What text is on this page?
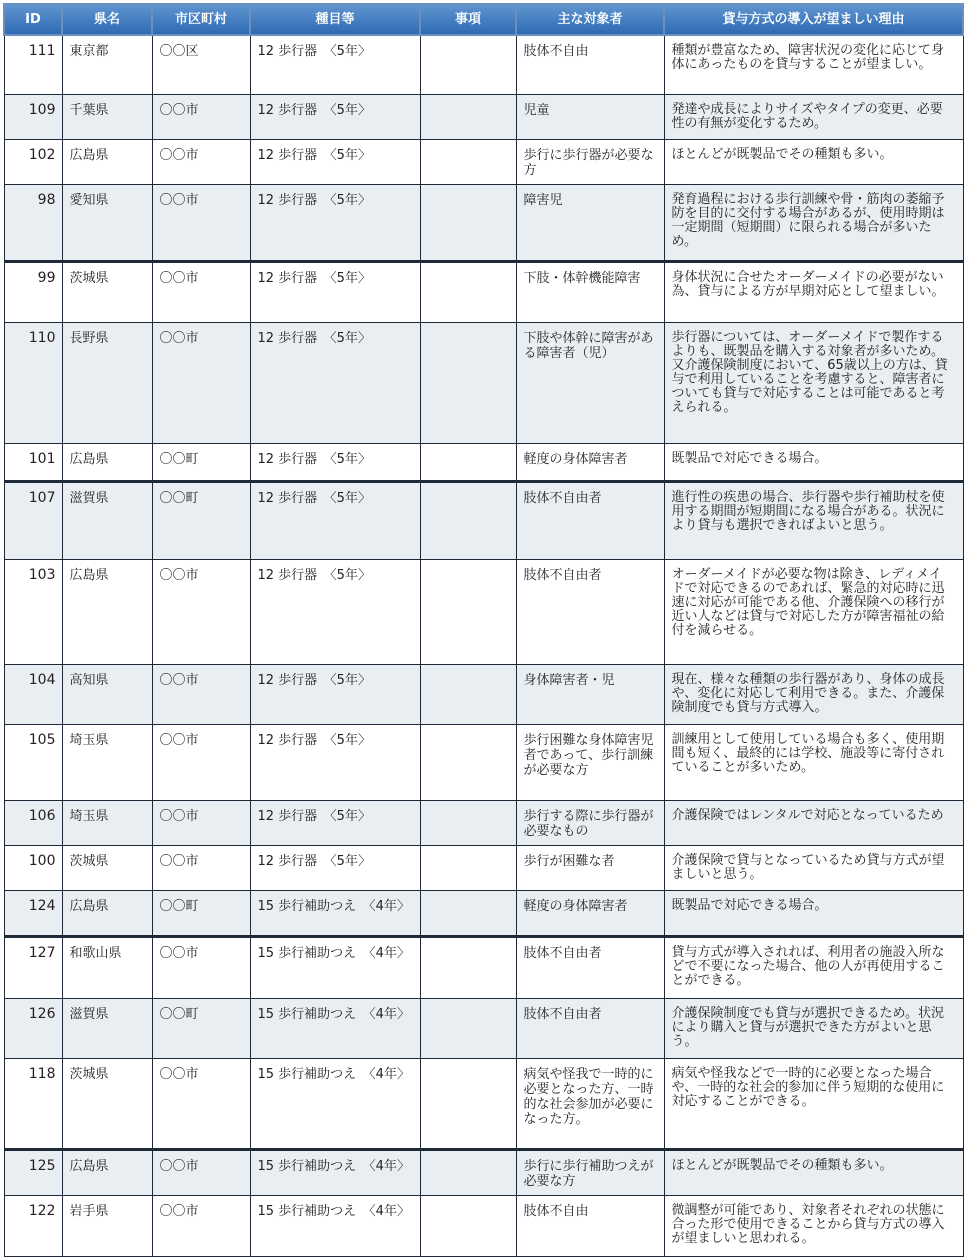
ID	県名	市区町村	種目等	事項	主な対象者	貸与方式の導入が望ましい理由
111	東京都	〇〇区	12 歩行器　〈5年〉		肢体不自由	種類が豊富なため、障害状況の変化に応じて身体にあったものを貸与することが望ましい。
109	千葉県	〇〇市	12 歩行器　〈5年〉		児童	発達や成長によりサイズやタイプの変更、必要性の有無が変化するため。
102	広島県	〇〇市	12 歩行器　〈5年〉		歩行に歩行器が必要な方	ほとんどが既製品でその種類も多い。
98	愛知県	〇〇市	12 歩行器　〈5年〉		障害児	発育過程における歩行訓練や骨・筋肉の萎縮予防を目的に交付する場合があるが、使用時期は一定期間（短期間）に限られる場合が多いため。
99	茨城県	〇〇市	12 歩行器　〈5年〉		下肢・体幹機能障害	身体状況に合せたオーダーメイドの必要がない為、貸与による方が早期対応として望ましい。
110	長野県	〇〇市	12 歩行器　〈5年〉		下肢や体幹に障害がある障害者（児）	歩行器については、オーダーメイドで製作するよりも、既製品を購入する対象者が多いため。又介護保険制度において、65歳以上の方は、貸与で利用していることを考慮すると、障害者についても貸与で対応することは可能であると考えられる。
101	広島県	〇〇町	12 歩行器　〈5年〉		軽度の身体障害者	既製品で対応できる場合。
107	滋賀県	〇〇町	12 歩行器　〈5年〉		肢体不自由者	進行性の疾患の場合、歩行器や歩行補助杖を使用する期間が短期間になる場合がある。状況により貸与も選択できればよいと思う。
103	広島県	〇〇市	12 歩行器　〈5年〉		肢体不自由者	オーダーメイドが必要な物は除き、レディメイドで対応できるのであれば、緊急的対応時に迅速に対応が可能である他、介護保険への移行が近い人などは貸与で対応した方が障害福祉の給付を減らせる。
104	高知県	〇〇市	12 歩行器　〈5年〉		身体障害者・児	現在、様々な種類の歩行器があり、身体の成長や、変化に対応して利用できる。また、介護保険制度でも貸与方式導入。
105	埼玉県	〇〇市	12 歩行器　〈5年〉		歩行困難な身体障害児者であって、歩行訓練が必要な方	訓練用として使用している場合も多く、使用期間も短く、最終的には学校、施設等に寄付されていることが多いため。
106	埼玉県	〇〇市	12 歩行器　〈5年〉		歩行する際に歩行器が必要なもの	介護保険ではレンタルで対応となっているため
100	茨城県	〇〇市	12 歩行器　〈5年〉		歩行が困難な者	介護保険で貸与となっているため貸与方式が望ましいと思う。
124	広島県	〇〇町	15 歩行補助つえ　〈4年〉		軽度の身体障害者	既製品で対応できる場合。
127	和歌山県	〇〇市	15 歩行補助つえ　〈4年〉		肢体不自由者	貸与方式が導入されれば、利用者の施設入所などで不要になった場合、他の人が再使用することができる。
126	滋賀県	〇〇町	15 歩行補助つえ　〈4年〉		肢体不自由者	介護保険制度でも貸与が選択できるため。状況により購入と貸与が選択できた方がよいと思う。
118	茨城県	〇〇市	15 歩行補助つえ　〈4年〉		病気や怪我で一時的に必要となった方、一時的な社会参加が必要になった方。	病気や怪我などで一時的に必要となった場合や、一時的な社会的参加に伴う短期的な使用に対応することができる。
125	広島県	〇〇市	15 歩行補助つえ　〈4年〉		歩行に歩行補助つえが必要な方	ほとんどが既製品でその種類も多い。
122	岩手県	〇〇市	15 歩行補助つえ　〈4年〉		肢体不自由	微調整が可能であり、対象者それぞれの状態に合った形で使用できることから貸与方式の導入が望ましいと思われる。
